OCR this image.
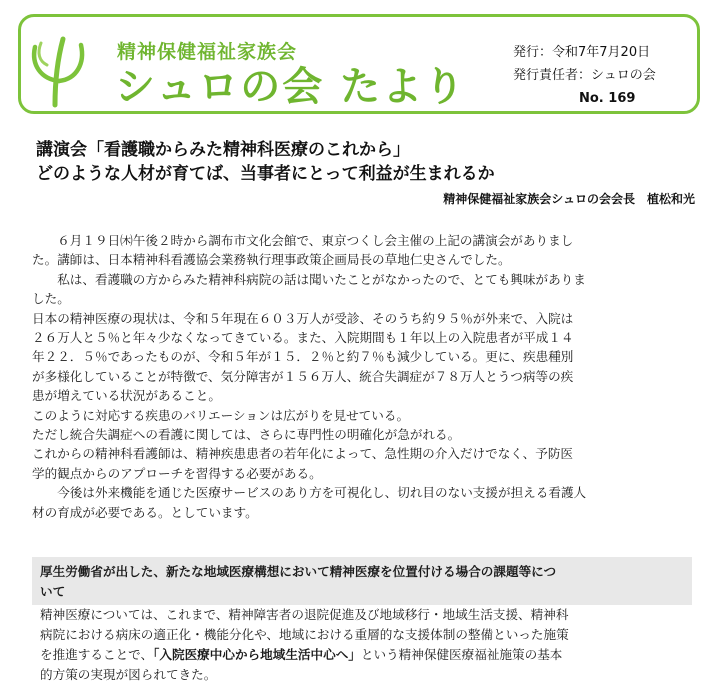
精神保健福祉家族会
シュロの会 たより
発行：令和7年7月20日
発行責任者：シュロの会
No. 169
講演会「看護職からみた精神科医療のこれから」
どのような人材が育てば、当事者にとって利益が生まれるか
精神保健福祉家族会シュロの会会長　植松和光

　　６月１９日㈭午後２時から調布市文化会館で、東京つくし会主催の上記の講演会がありまし

た。講師は、日本精神科看護協会業務執行理事政策企画局長の草地仁史さんでした。

　　私は、看護職の方からみた精神科病院の話は聞いたことがなかったので、とても興味がありま

した。

日本の精神医療の現状は、令和５年現在６０３万人が受診、そのうち約９５％が外来で、入院は

２６万人と５％と年々少なくなってきている。また、入院期間も１年以上の入院患者が平成１４

年２２．５％であったものが、令和５年が１５．２％と約７％も減少している。更に、疾患種別

が多様化していることが特徴で、気分障害が１５６万人、統合失調症が７８万人とうつ病等の疾

患が増えている状況があること。

このように対応する疾患のバリエーションは広がりを見せている。

ただし統合失調症への看護に関しては、さらに専門性の明確化が急がれる。

これからの精神科看護師は、精神疾患患者の若年化によって、急性期の介入だけでなく、予防医

学的観点からのアプローチを習得する必要がある。

　　今後は外来機能を通じた医療サービスのあり方を可視化し、切れ目のない支援が担える看護人

材の育成が必要である。としています。

厚生労働省が出した、新たな地域医療構想において精神医療を位置付ける場合の課題等につ
いて
精神医療については、これまで、精神障害者の退院促進及び地域移行・地域生活支援、精神科
病院における病床の適正化・機能分化や、地域における重層的な支援体制の整備といった施策
を推進することで、「入院医療中心から地域生活中心へ」という精神保健医療福祉施策の基本
的方策の実現が図られてきた。
